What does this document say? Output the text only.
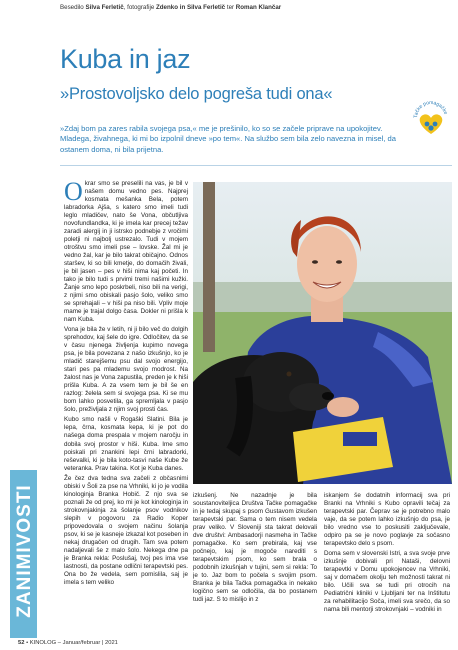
Besedilo Silva Ferletič, fotografije Zdenko in Silva Ferletič ter Roman Klančar
Kuba in jaz
»Prostovoljsko delo pogreša tudi ona«
Tačke pomagačke
»Zdaj bom pa zares rabila svojega psa,« me je prešinilo, ko so se začele priprave na upokojitev. Mladega, živahnega, ki mi bo izpolnil dneve »po tem«. Na službo sem bila zelo navezna in misel, da ostanem doma, ni bila prijetna.

Okrar smo se preselili na vas, je bil v našem domu vedno pes. Najprej kosmata mešanka Bela, potem labradorka Ajša, s katero smo imeli tudi leglo mladičev, nato še Vona, občutljiva novofundlandka, ki je imela kar precej težav zaradi alergij in ji istrsko podnebje z vročimi poletji ni najbolj ustrezalo. Tudi v mojem otroštvu smo imeli pse – lovske. Žal mi je vedno žal, kar je bilo takrat običajno. Odnos staršev, ki so bili kmetje, do domačih živali, je bil jasen – pes v hiši nima kaj početi. In tako je bilo tudi s prvimi tremi našimi kužki. Žanje smo lepo poskrbeli, niso bili na verigi, z njimi smo obiskali pasjo šolo, veliko smo se sprehajali – v hiši pa niso bili. Vpliv moje mame je trajal dolgo časa. Dokler ni prišla k nam Kuba.

Vona je bila že v letih, ni ji bilo več do dolgih sprehodov, kaj šele do igre. Odločitev, da se v času njenega življenja kupimo novega psa, je bila povezana z našo izkušnjo, ko je mladič starejšemu psu dal svojo energijo, stari pes pa mlademu svojo modrost. Na žalost nas je Vona zapustila, preden je k hiši prišla Kuba. A za vsem tem je bil še en razlog: želela sem si svojega psa. Ki se mu bom lahko posvetila, ga spremljala v pasjo šolo, preživljala z njim svoj prosti čas.

Kubo smo našli v Rogaški Slatini. Bila je lepa, črna, kosmata kepa, ki je pot do našega doma prespala v mojem naročju in dobila svoj prostor v hiši. Kuba. Ime smo poiskali pri znankini lepi črni labradorki, reševalki, ki je bila koto-tasvi naše Kube že veteranka. Prav takina. Kot je Kuba danes.

Že čez dva tedna sva začeli z občasnimi obiski v Šoli za pse na Vrhniki, ki jo je vodila kinologinja Branka Hobič. Z njo sva se poznali že od prej, ko mi je kot kinologinja in strokovnjakinja za šolanje psov vodnikov slepih v pogovoru za Radio Koper pripovedovala o svojem načinu šolanja psov, ki se je kasneje izkazal kot poseben in nekaj drugačen od drugih. Tam sva potem nadaljevali še z malo šolo. Nekega dne pa je Branka rekla: Poslušaj, tvoj pes ima vse lastnosti, da postane odlični terapevtski pes. Ona bo že vedela, sem pomislila, saj je imela s tem veliko

izkušenj. Ne nazadnje je bila soustanoviteljica Društva Tačke pomagačke in je tedaj skupaj s psom Gustavom izkušen terapevtski par. Sama o tem nisem vedela prav veliko. V Sloveniji sta takrat delovali dve društvi: Ambasadorji nasmeha in Tačke pomagačke. Ko sem prebirala, kaj vse počnejo, kaj je mogoče narediti s terapevtskim psom, ko sem brala o podobnih izkušnjah v tujini, sem si rekla: To je to. Jaz bom to počela s svojim psom. Branka je bila Tačka pomagačka in nekako logično sem se odločila, da bo postanem tudi jaz. S to mislijo in z

iskanjem še dodatnih informacij sva pri Branki na Vrhniki s Kubo opravili tečaj za terapevtski par. Čeprav se je potrebno malo vaje, da se potem lahko izkušnjo do psa, je bilo vredno vse to poskusiti zaključevale, odpiro pa se je novo poglavje za sočasno terapevtsko delo s psom.

Doma sem v slovenski Istri, a sva svoje prve izkušnje dobivali pri Nataši, delovni terapevtki v Domu upokojencev na Vrhniki, saj v domačem okolju teh možnosti takrat ni bilo. Učili sva se tudi pri otrocih na Pediatrični kliniki v Ljubljani ter na Inštitutu za rehabilitacijo Soča, imeli sva srečo, da so nama bili mentorji strokovnjaki – vodniki in

ZANIMIVOSTI
52 • KINOLOG – Januar/februar | 2021
